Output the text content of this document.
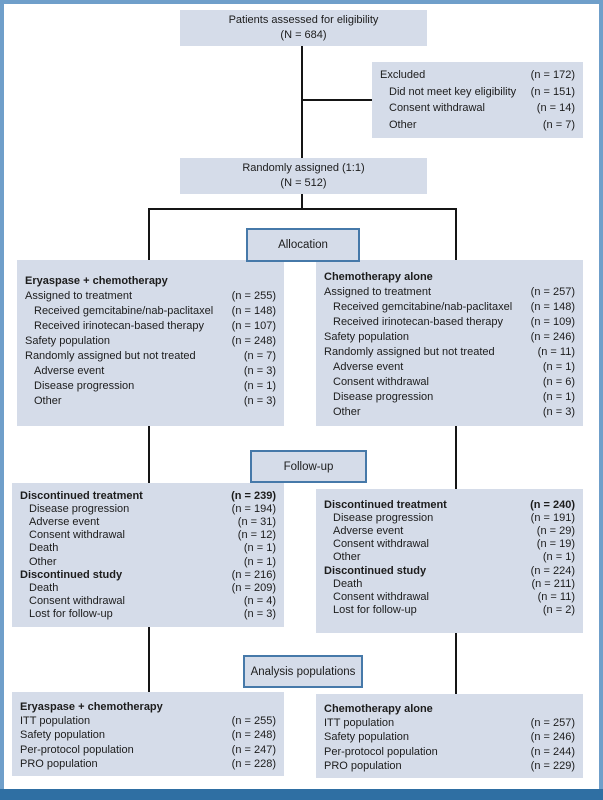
Patients assessed for eligibility
(N = 684)
Excluded	(n = 172)
Did not meet key eligibility (n = 151)
Consent withdrawal	(n = 14)
Other	(n = 7)
Randomly assigned (1:1)
(N = 512)
Allocation
Eryaspase + chemotherapy
Assigned to treatment	(n = 255)
Received gemcitabine/nab-paclitaxel (n = 148)
Received irinotecan-based therapy	(n = 107)
Safety population	(n = 248)
Randomly assigned but not treated	(n = 7)
Adverse event	(n = 3)
Disease progression	(n = 1)
Other	(n = 3)
Chemotherapy alone
Assigned to treatment	(n = 257)
Received gemcitabine/nab-paclitaxel (n = 148)
Received irinotecan-based therapy	(n = 109)
Safety population	(n = 246)
Randomly assigned but not treated	(n = 11)
Adverse event	(n = 1)
Consent withdrawal	(n = 6)
Disease progression	(n = 1)
Other	(n = 3)
Follow-up
Discontinued treatment	(n = 239)
Disease progression	(n = 194)
Adverse event	(n = 31)
Consent withdrawal	(n = 12)
Death	(n = 1)
Other	(n = 1)
Discontinued study	(n = 216)
Death	(n = 209)
Consent withdrawal	(n = 4)
Lost for follow-up	(n = 3)
Discontinued treatment	(n = 240)
Disease progression	(n = 191)
Adverse event	(n = 29)
Consent withdrawal	(n = 19)
Other	(n = 1)
Discontinued study	(n = 224)
Death	(n = 211)
Consent withdrawal	(n = 11)
Lost for follow-up	(n = 2)
Analysis populations
Eryaspase + chemotherapy
ITT population	(n = 255)
Safety population	(n = 248)
Per-protocol population	(n = 247)
PRO population	(n = 228)
Chemotherapy alone
ITT population	(n = 257)
Safety population	(n = 246)
Per-protocol population	(n = 244)
PRO population	(n = 229)
